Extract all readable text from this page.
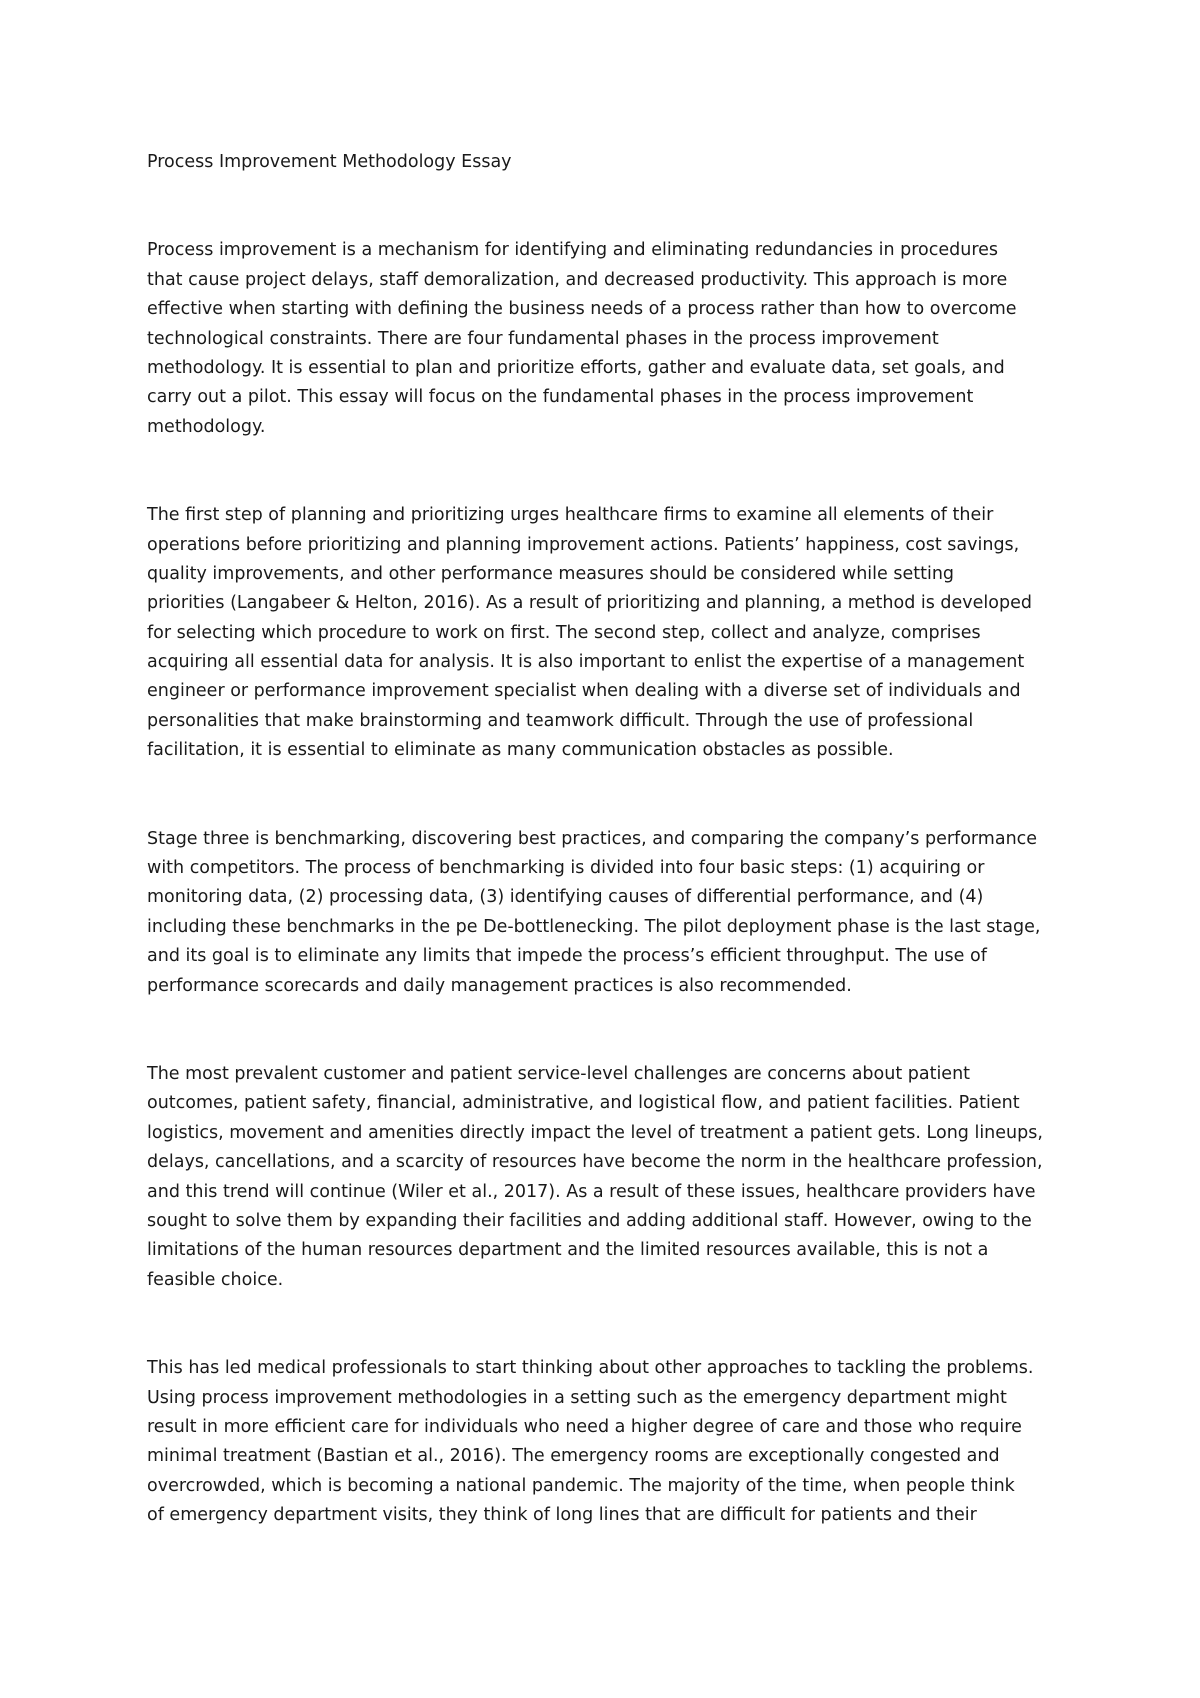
Process Improvement Methodology Essay
Process improvement is a mechanism for identifying and eliminating redundancies in procedures
that cause project delays, staff demoralization, and decreased productivity. This approach is more
effective when starting with defining the business needs of a process rather than how to overcome
technological constraints. There are four fundamental phases in the process improvement
methodology. It is essential to plan and prioritize efforts, gather and evaluate data, set goals, and
carry out a pilot. This essay will focus on the fundamental phases in the process improvement
methodology.
The first step of planning and prioritizing urges healthcare firms to examine all elements of their
operations before prioritizing and planning improvement actions. Patients’ happiness, cost savings,
quality improvements, and other performance measures should be considered while setting
priorities (Langabeer & Helton, 2016). As a result of prioritizing and planning, a method is developed
for selecting which procedure to work on first. The second step, collect and analyze, comprises
acquiring all essential data for analysis. It is also important to enlist the expertise of a management
engineer or performance improvement specialist when dealing with a diverse set of individuals and
personalities that make brainstorming and teamwork difficult. Through the use of professional
facilitation, it is essential to eliminate as many communication obstacles as possible.
Stage three is benchmarking, discovering best practices, and comparing the company’s performance
with competitors. The process of benchmarking is divided into four basic steps: (1) acquiring or
monitoring data, (2) processing data, (3) identifying causes of differential performance, and (4)
including these benchmarks in the pe De-bottlenecking. The pilot deployment phase is the last stage,
and its goal is to eliminate any limits that impede the process’s efficient throughput. The use of
performance scorecards and daily management practices is also recommended.
The most prevalent customer and patient service-level challenges are concerns about patient
outcomes, patient safety, financial, administrative, and logistical flow, and patient facilities. Patient
logistics, movement and amenities directly impact the level of treatment a patient gets. Long lineups,
delays, cancellations, and a scarcity of resources have become the norm in the healthcare profession,
and this trend will continue (Wiler et al., 2017). As a result of these issues, healthcare providers have
sought to solve them by expanding their facilities and adding additional staff. However, owing to the
limitations of the human resources department and the limited resources available, this is not a
feasible choice.
This has led medical professionals to start thinking about other approaches to tackling the problems.
Using process improvement methodologies in a setting such as the emergency department might
result in more efficient care for individuals who need a higher degree of care and those who require
minimal treatment (Bastian et al., 2016). The emergency rooms are exceptionally congested and
overcrowded, which is becoming a national pandemic. The majority of the time, when people think
of emergency department visits, they think of long lines that are difficult for patients and their
